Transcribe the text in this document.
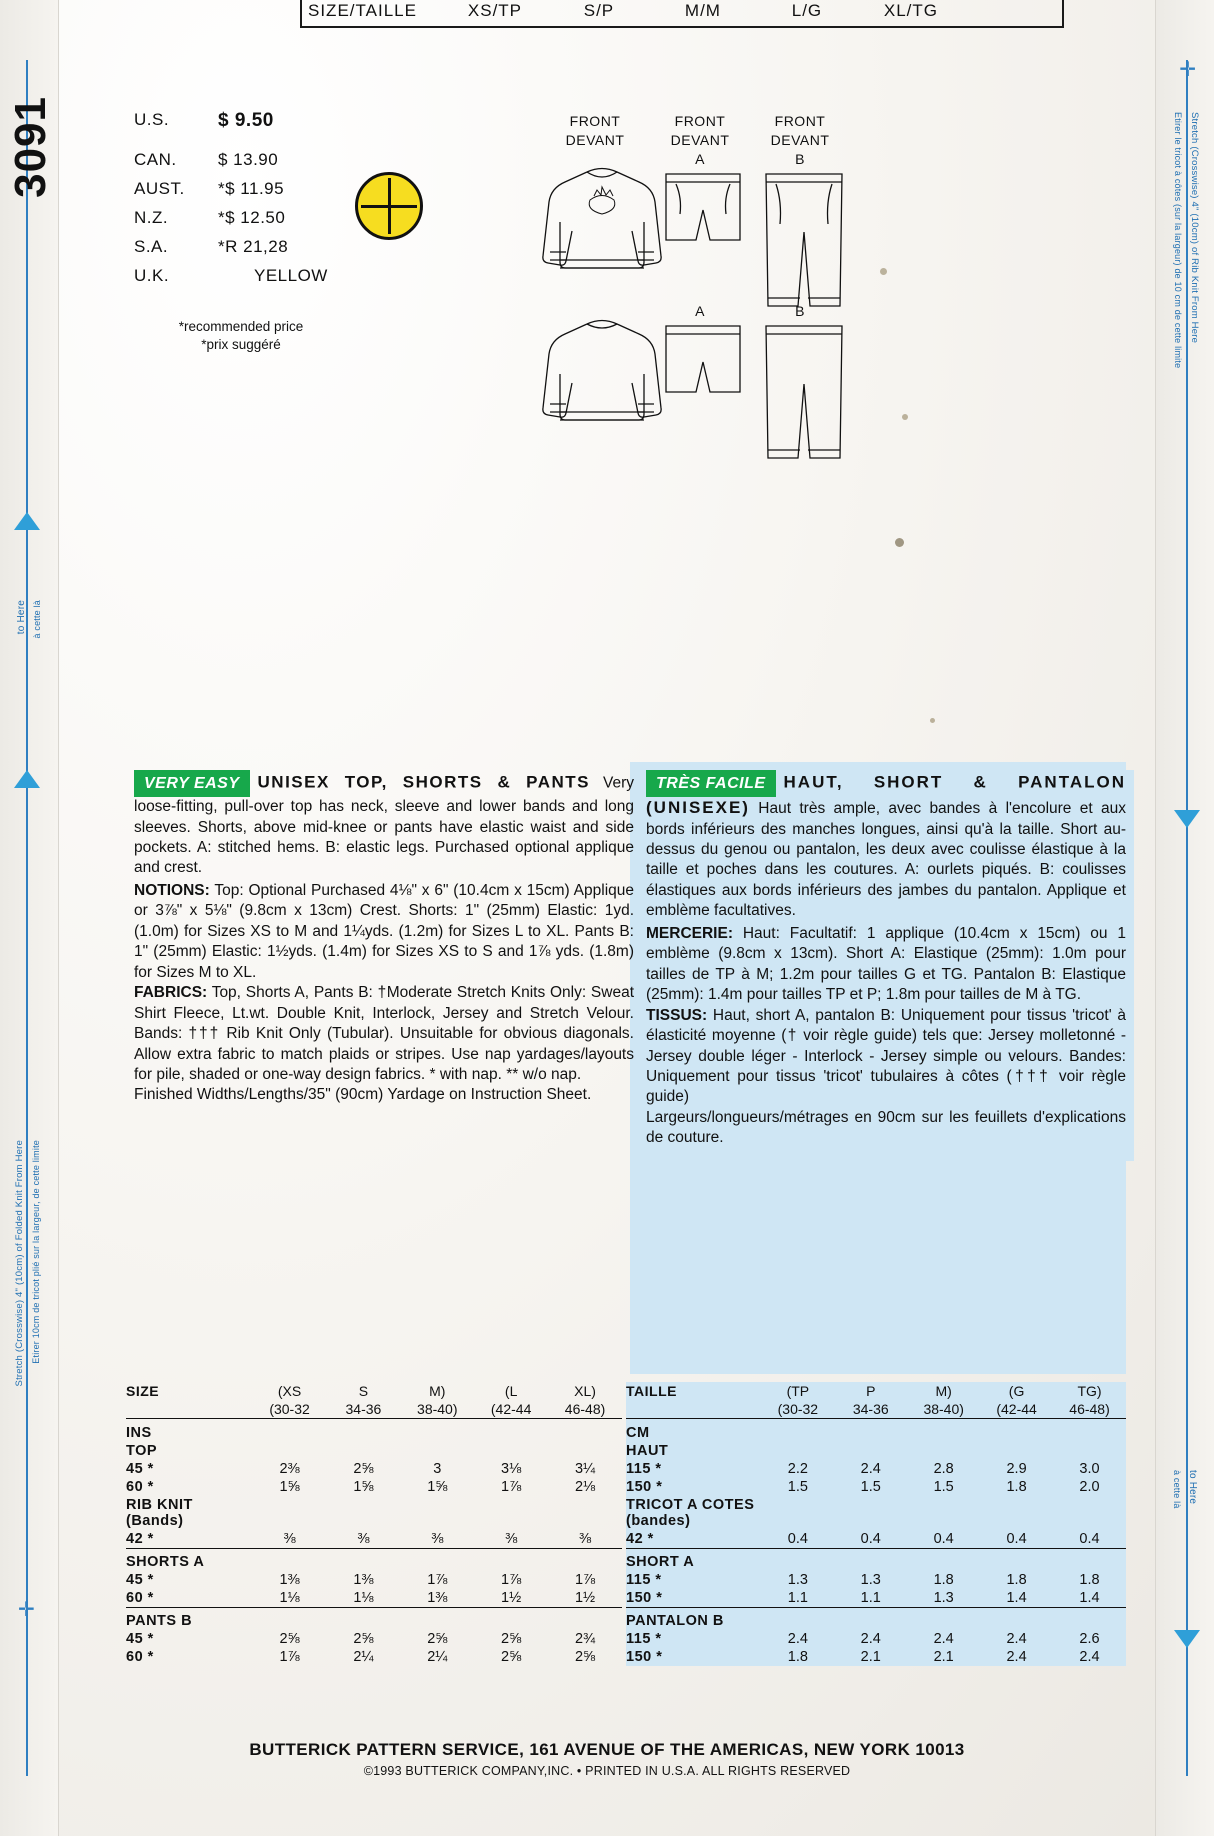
to Here à cette là
Stretch (Crosswise) 4" (10cm) of Folded Knit From Here Etirer 10cm de tricot plié sur la largeur, de cette limite
✛
✛
Stretch (Crosswise) 4" (10cm) of Rib Knit From Here
Etirer le tricot à côtes (sur la largeur) de 10 cm de cette limite
to Here
à cette là
3091
SIZE/TAILLE	XS/TP	S/P	M/M	L/G	XL/TG
U.S.	$ 9.50
CAN.	$ 13.90
AUST.	*$ 11.95
N.Z.	*$ 12.50
S.A.	*R 21,28
U.K.	YELLOW
*recommended price
*prix suggéré
FRONT
DEVANT
FRONT
DEVANT
A
FRONT
DEVANT
B
A	B

VERY EASY UNISEX TOP, SHORTS & PANTS Very loose-fitting, pull-over top has neck, sleeve and lower bands and long sleeves. Shorts, above mid-knee or pants have elastic waist and side pockets. A: stitched hems. B: elastic legs. Purchased optional applique and crest.

NOTIONS: Top: Optional Purchased 4⅛" x 6" (10.4cm x 15cm) Applique or 3⅞" x 5⅛" (9.8cm x 13cm) Crest. Shorts: 1" (25mm) Elastic: 1yd. (1.0m) for Sizes XS to M and 1¼yds. (1.2m) for Sizes L to XL. Pants B: 1" (25mm) Elastic: 1½yds. (1.4m) for Sizes XS to S and 1⅞ yds. (1.8m) for Sizes M to XL.

FABRICS: Top, Shorts A, Pants B: †Moderate Stretch Knits Only: Sweat Shirt Fleece, Lt.wt. Double Knit, Interlock, Jersey and Stretch Velour. Bands: ††† Rib Knit Only (Tubular). Unsuitable for obvious diagonals. Allow extra fabric to match plaids or stripes. Use nap yardages/layouts for pile, shaded or one-way design fabrics. * with nap. ** w/o nap.

Finished Widths/Lengths/35" (90cm) Yardage on Instruction Sheet.

TRÈS FACILE HAUT, SHORT & PANTALON (UNISEXE) Haut très ample, avec bandes à l'encolure et aux bords inférieurs des manches longues, ainsi qu'à la taille. Short au-dessus du genou ou pantalon, les deux avec coulisse élastique à la taille et poches dans les coutures. A: ourlets piqués. B: coulisses élastiques aux bords inférieurs des jambes du pantalon. Applique et emblème facultatives.

MERCERIE: Haut: Facultatif: 1 applique (10.4cm x 15cm) ou 1 emblème (9.8cm x 13cm). Short A: Elastique (25mm): 1.0m pour tailles de TP à M; 1.2m pour tailles G et TG. Pantalon B: Elastique (25mm): 1.4m pour tailles TP et P; 1.8m pour tailles de M à TG.

TISSUS: Haut, short A, pantalon B: Uniquement pour tissus 'tricot' à élasticité moyenne († voir règle guide) tels que: Jersey molletonné - Jersey double léger - Interlock - Jersey simple ou velours. Bandes: Uniquement pour tissus 'tricot' tubulaires à côtes (††† voir règle guide)

Largeurs/longueurs/métrages en 90cm sur les feuillets d'explications de couture.

SIZE	(XS	S	M)	(L	XL)
	(30-32	34-36	38-40)	(42-44	46-48)
INS					
TOP					
45 *	2⅜	2⅝	3	3⅛	3¼
60 *	1⅝	1⅝	1⅝	1⅞	2⅛
RIB KNIT (Bands)					
42 *	⅜	⅜	⅜	⅜	⅜
SHORTS A					
45 *	1⅜	1⅜	1⅞	1⅞	1⅞
60 *	1⅛	1⅛	1⅜	1½	1½
PANTS B					
45 *	2⅝	2⅝	2⅝	2⅝	2¾
60 *	1⅞	2¼	2¼	2⅝	2⅝
TAILLE	(TP	P	M)	(G	TG)
	(30-32	34-36	38-40)	(42-44	46-48)
CM					
HAUT					
115 *	2.2	2.4	2.8	2.9	3.0
150 *	1.5	1.5	1.5	1.8	2.0
TRICOT A COTES (bandes)					
42 *	0.4	0.4	0.4	0.4	0.4
SHORT A					
115 *	1.3	1.3	1.8	1.8	1.8
150 *	1.1	1.1	1.3	1.4	1.4
PANTALON B					
115 *	2.4	2.4	2.4	2.4	2.6
150 *	1.8	2.1	2.1	2.4	2.4
BUTTERICK PATTERN SERVICE, 161 AVENUE OF THE AMERICAS, NEW YORK 10013
©1993 BUTTERICK COMPANY,INC. • PRINTED IN U.S.A. ALL RIGHTS RESERVED
